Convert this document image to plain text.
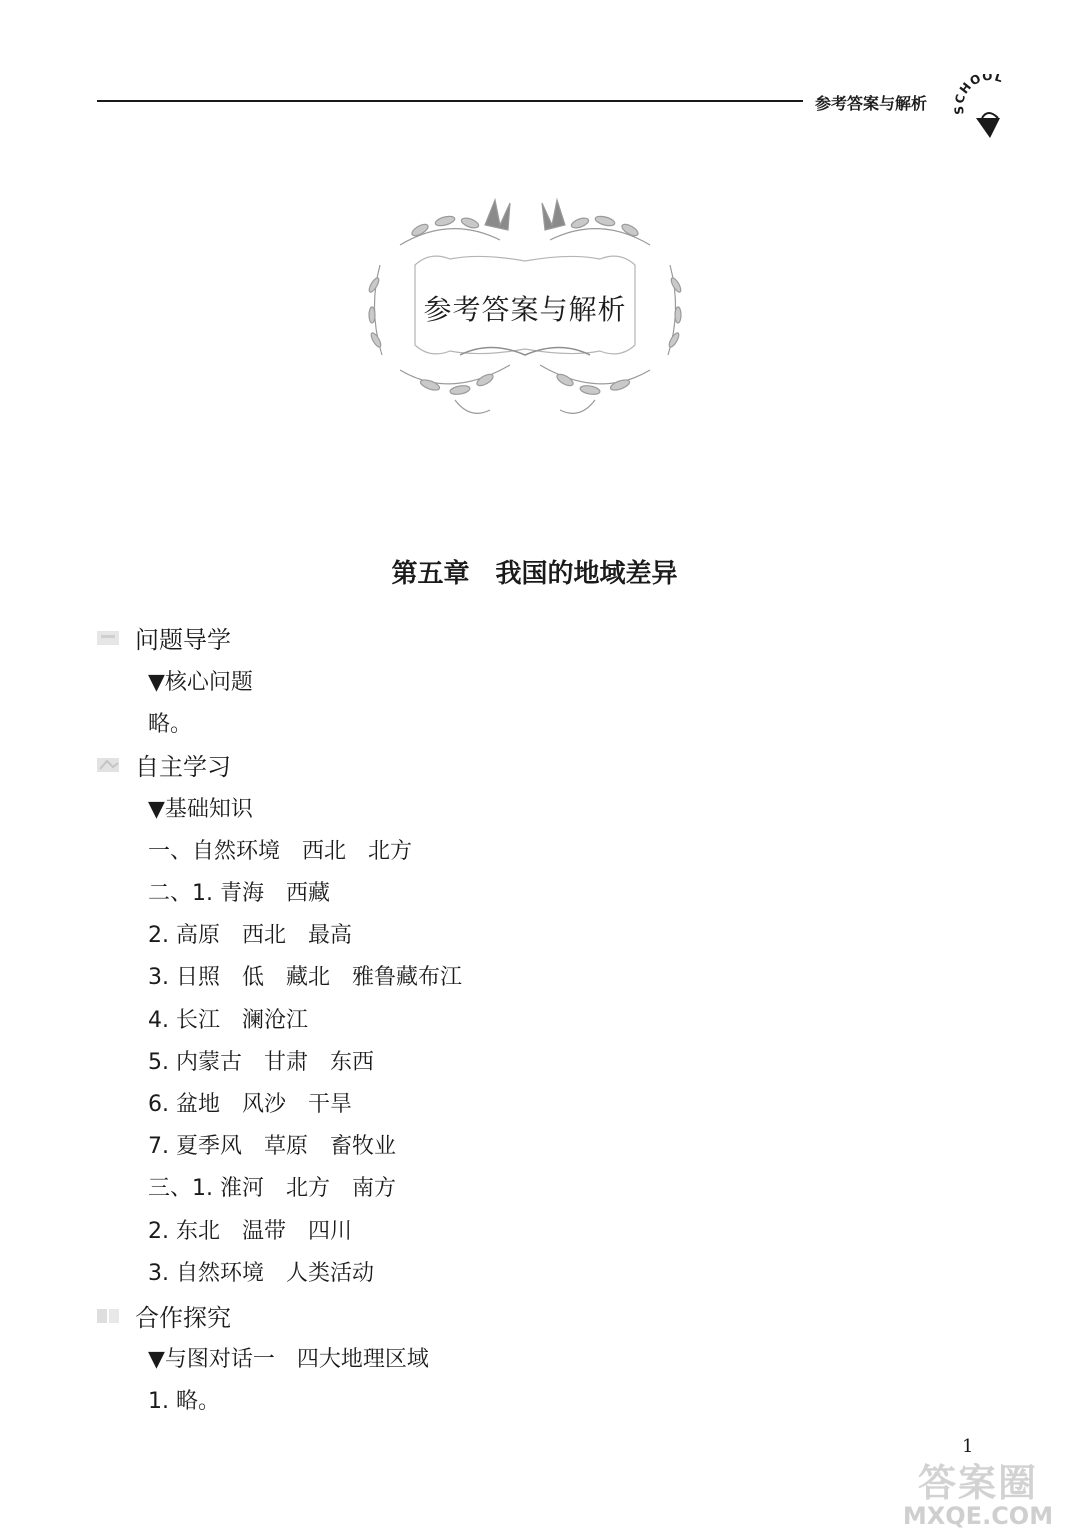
参考答案与解析
HOOL
参考答案与解析
第五章　我国的地域差异
问题导学
▼核心问题
略。
自主学习
▼基础知识
一、自然环境　西北　北方
二、1. 青海　西藏
2. 高原　西北　最高
3. 日照　低　藏北　雅鲁藏布江
4. 长江　澜沧江
5. 内蒙古　甘肃　东西
6. 盆地　风沙　干旱
7. 夏季风　草原　畜牧业
三、1. 淮河　北方　南方
2. 东北　温带　四川
3. 自然环境　人类活动
合作探究
▼与图对话一　四大地理区域
1. 略。
1
答案圈
MXQE.COM
